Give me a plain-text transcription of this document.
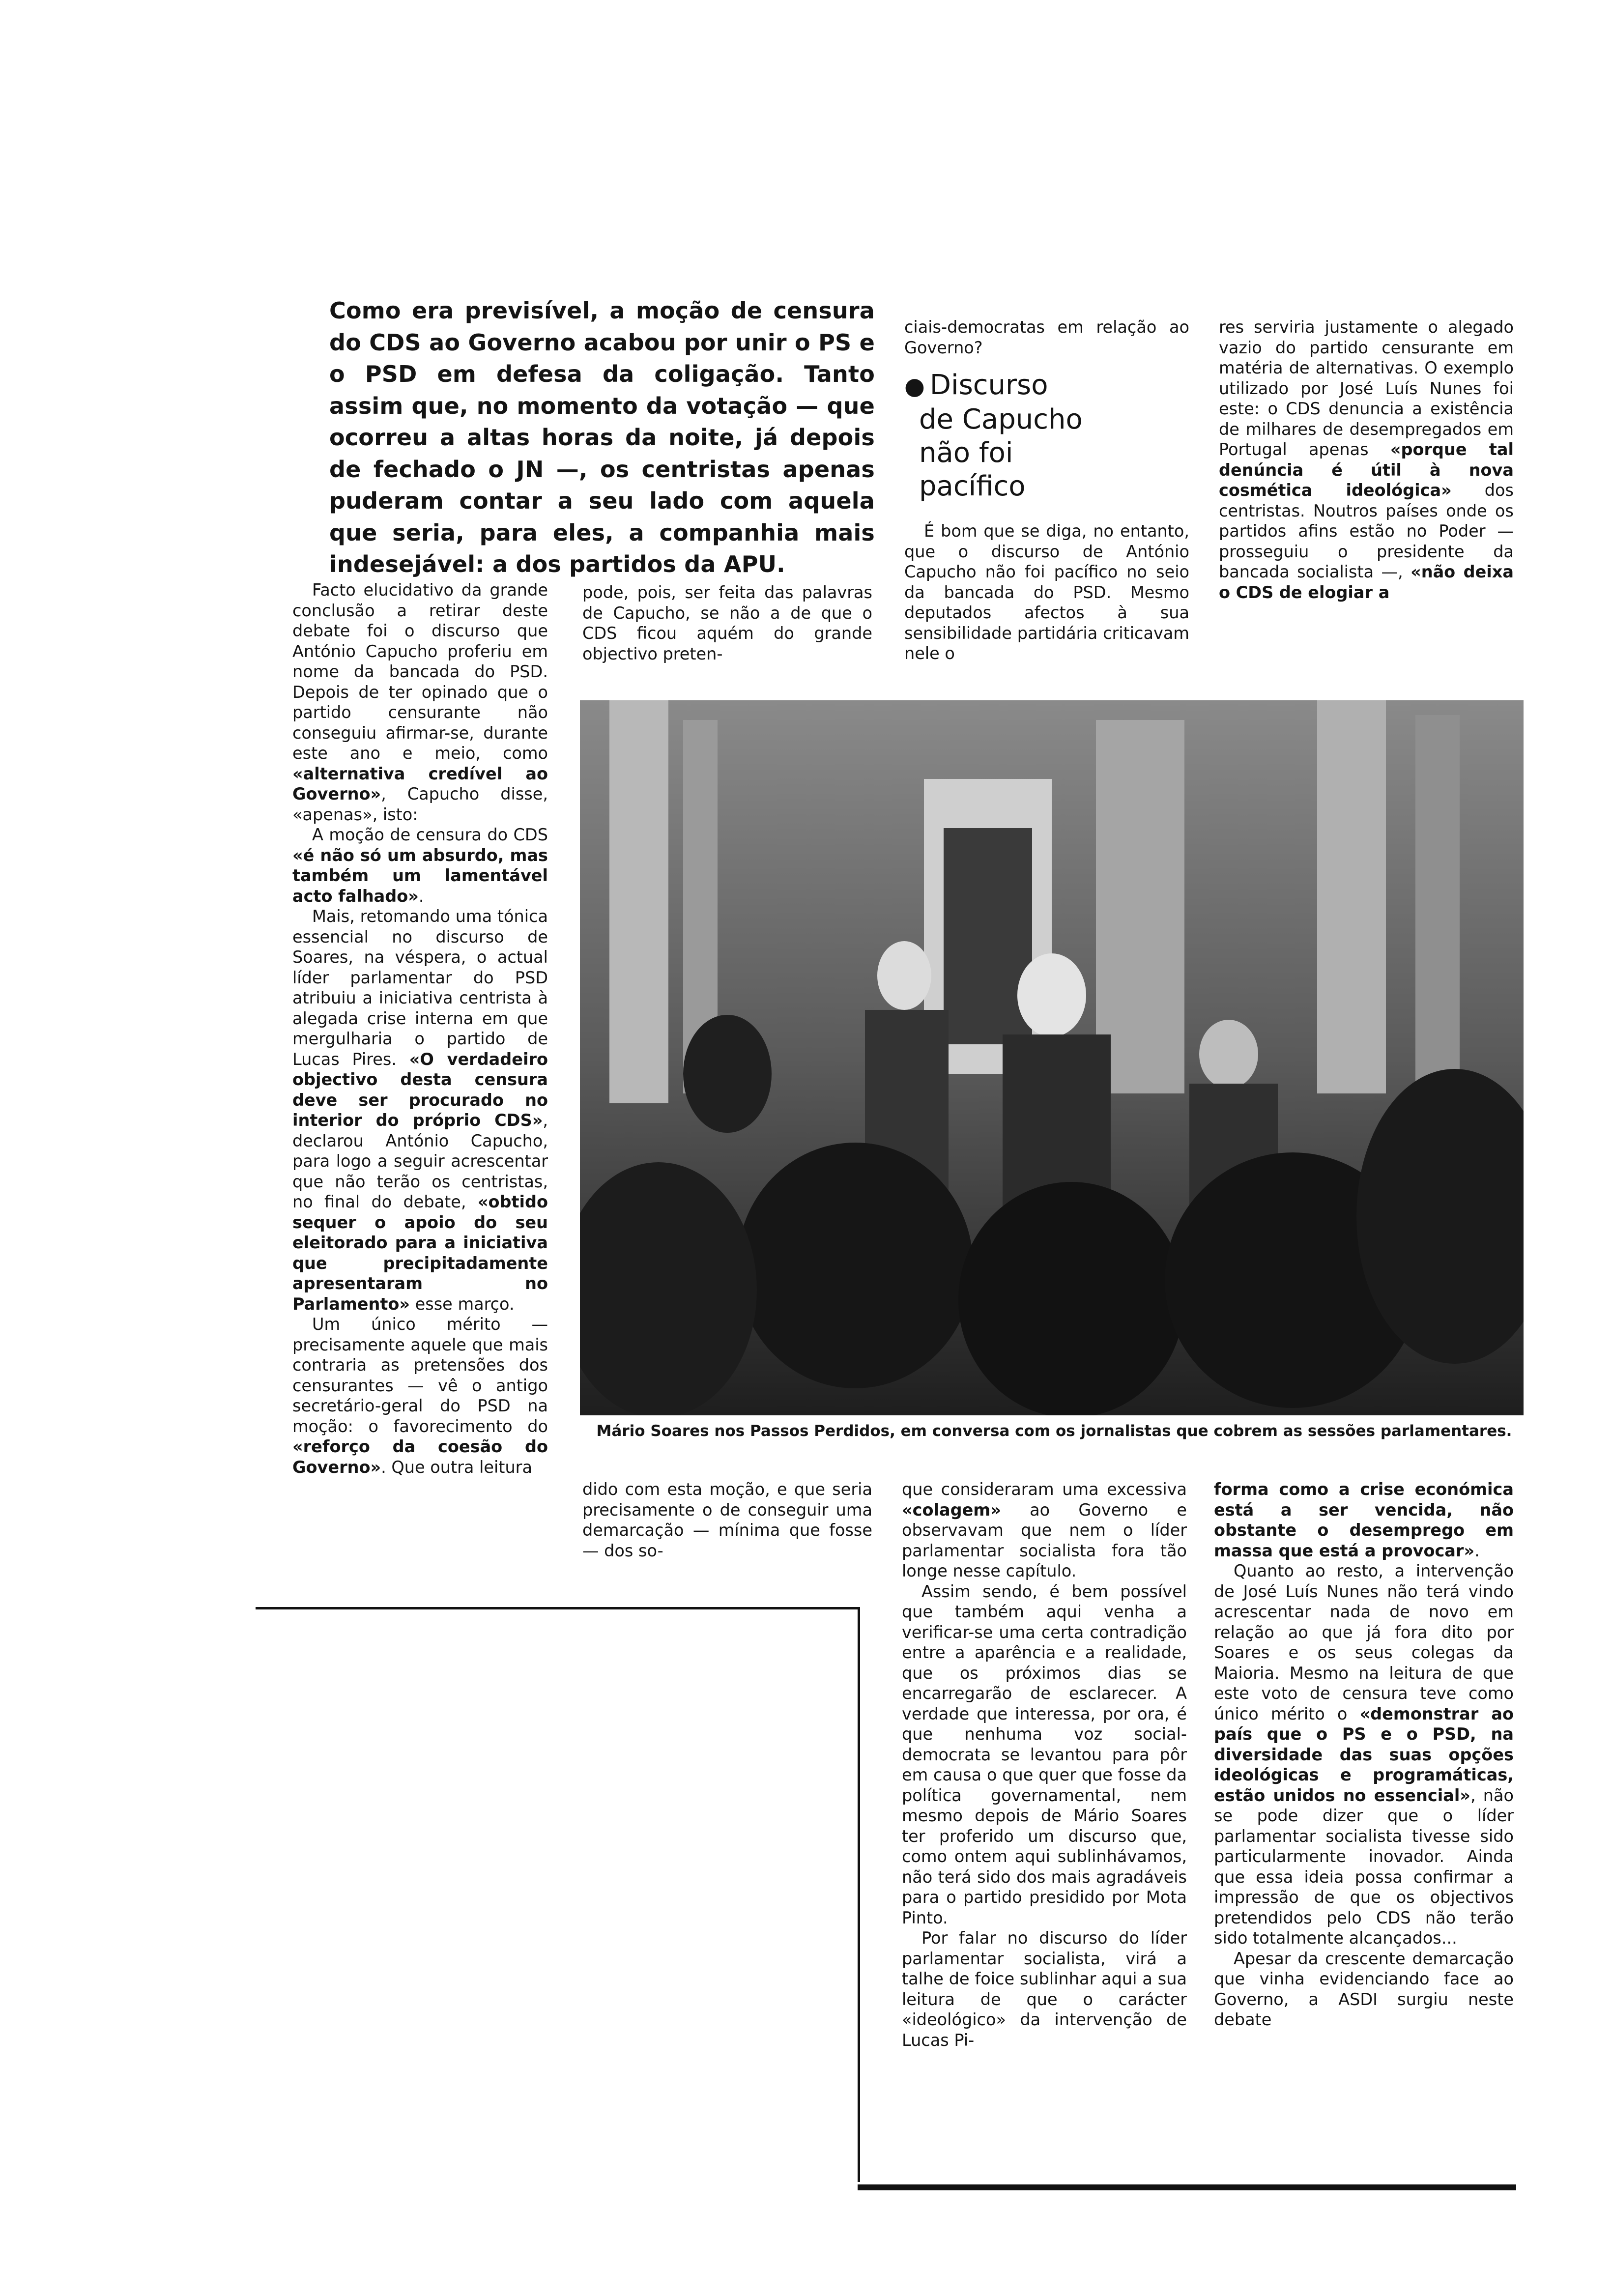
Como era previsível, a moção de censura do CDS ao Governo acabou por unir o PS e o PSD em defesa da coligação. Tanto assim que, no momento da votação — que ocorreu a altas horas da noite, já depois de fechado o JN —, os centristas apenas puderam contar a seu lado com aquela que seria, para eles, a companhia mais indesejável: a dos partidos da APU.

Facto elucidativo da grande conclusão a retirar deste debate foi o discurso que António Capucho proferiu em nome da bancada do PSD. Depois de ter opinado que o partido censurante não conseguiu afirmar-se, durante este ano e meio, como «alternativa credível ao Governo», Capucho disse, «apenas», isto:

A moção de censura do CDS «é não só um absurdo, mas também um lamentável acto falhado».

Mais, retomando uma tónica essencial no discurso de Soares, na véspera, o actual líder parlamentar do PSD atribuiu a iniciativa centrista à alegada crise interna em que mergulharia o partido de Lucas Pires. «O verdadeiro objectivo desta censura deve ser procurado no interior do próprio CDS», declarou António Capucho, para logo a seguir acrescentar que não terão os centristas, no final do debate, «obtido sequer o apoio do seu eleitorado para a iniciativa que precipitadamente apresentaram no Parlamento» esse março.

Um único mérito — precisamente aquele que mais contraria as pretensões dos censurantes — vê o antigo secretário-geral do PSD na moção: o favorecimento do «reforço da coesão do Governo». Que outra leitura

pode, pois, ser feita das palavras de Capucho, se não a de que o CDS ficou aquém do grande objectivo preten-

dido com esta moção, e que seria precisamente o de conseguir uma demarcação — mínima que fosse — dos so-

ciais-democratas em relação ao Governo?

● Discurso
de Capucho
não foi
pacífico

É bom que se diga, no entanto, que o discurso de António Capucho não foi pacífico no seio da bancada do PSD. Mesmo deputados afectos à sua sensibilidade partidária criticavam nele o

que consideraram uma excessiva «colagem» ao Governo e observavam que nem o líder parlamentar socialista fora tão longe nesse capítulo.

Assim sendo, é bem possível que também aqui venha a verificar-se uma certa contradição entre a aparência e a realidade, que os próximos dias se encarregarão de esclarecer. A verdade que interessa, por ora, é que nenhuma voz social-democrata se levantou para pôr em causa o que quer que fosse da política governamental, nem mesmo depois de Mário Soares ter proferido um discurso que, como ontem aqui sublinhávamos, não terá sido dos mais agradáveis para o partido presidido por Mota Pinto.

Por falar no discurso do líder parlamentar socialista, virá a talhe de foice sublinhar aqui a sua leitura de que o carácter «ideológico» da intervenção de Lucas Pi-

res serviria justamente o alegado vazio do partido censurante em matéria de alternativas. O exemplo utilizado por José Luís Nunes foi este: o CDS denuncia a existência de milhares de desempregados em Portugal apenas «porque tal denúncia é útil à nova cosmética ideológica» dos centristas. Noutros países onde os partidos afins estão no Poder — prosseguiu o presidente da bancada socialista —, «não deixa o CDS de elogiar a

forma como a crise económica está a ser vencida, não obstante o desemprego em massa que está a provocar».

Quanto ao resto, a intervenção de José Luís Nunes não terá vindo acrescentar nada de novo em relação ao que já fora dito por Soares e os seus colegas da Maioria. Mesmo na leitura de que este voto de censura teve como único mérito o «demonstrar ao país que o PS e o PSD, na diversidade das suas opções ideológicas e programáticas, estão unidos no essencial», não se pode dizer que o líder parlamentar socialista tivesse sido particularmente inovador. Ainda que essa ideia possa confirmar a impressão de que os objectivos pretendidos pelo CDS não terão sido totalmente alcançados...

Apesar da crescente demarcação que vinha evidenciando face ao Governo, a ASDI surgiu neste debate

Mário Soares nos Passos Perdidos, em conversa com os jornalistas que cobrem as sessões parlamentares.
